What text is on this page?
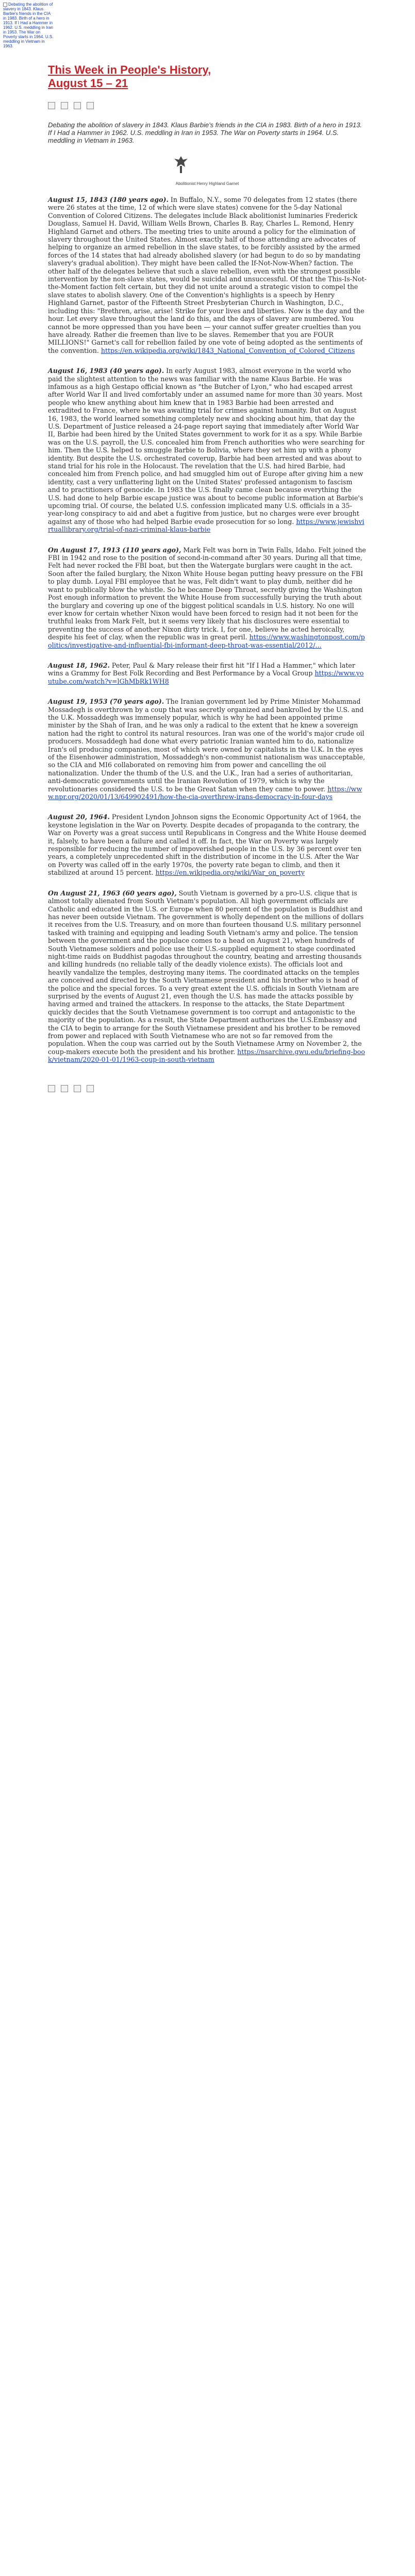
Debating the abolition of slavery in 1843. Klaus Barbie's friends in the CIA in 1983. Birth of a hero in 1913. If I Had a Hammer in 1962. U.S. meddling in Iran in 1953. The War on Poverty starts in 1964. U.S. meddling in Vietnam in 1963.
This Week in People's History,
August 15 – 21

Debating the abolition of slavery in 1843. Klaus Barbie's friends in the CIA in 1983. Birth of a hero in 1913. If I Had a Hammer in 1962. U.S. meddling in Iran in 1953. The War on Poverty starts in 1964. U.S. meddling in Vietnam in 1963.

Abolitionist Henry Highland Garnet

August 15, 1843 (180 years ago). In Buffalo, N.Y., some 70 delegates from 12 states (there were 26 states at the time, 12 of which were slave states) convene for the 5-day National Convention of Colored Citizens. The delegates include Black abolitionist luminaries Frederick Douglass, Samuel H. David, William Wells Brown, Charles B. Ray, Charles L. Remond, Henry Highland Garnet and others. The meeting tries to unite around a policy for the elimination of slavery throughout the United States. Almost exactly half of those attending are advocates of helping to organize an armed rebellion in the slave states, to be forcibly assisted by the armed forces of the 14 states that had already abolished slavery (or had begun to do so by mandating slavery's gradual abolition). They might have been called the If-Not-Now-When? faction. The other half of the delegates believe that such a slave rebellion, even with the strongest possible intervention by the non-slave states, would be suicidal and unsuccessful. Of that the This-Is-Not-the-Moment faction felt certain, but they did not unite around a strategic vision to compel the slave states to abolish slavery. One of the Convention's highlights is a speech by Henry Highland Garnet, pastor of the Fifteenth Street Presbyterian Church in Washington, D.C., including this: "Brethren, arise, arise! Strike for your lives and liberties. Now is the day and the hour. Let every slave throughout the land do this, and the days of slavery are numbered. You cannot be more oppressed than you have been — your cannot suffer greater cruelties than you have already. Rather die freemen than live to be slaves. Remember that you are FOUR MILLIONS!" Garnet's call for rebellion failed by one vote of being adopted as the sentiments of the convention. https://en.wikipedia.org/wiki/1843_National_Convention_of_Colored_Citizens

August 16, 1983 (40 years ago). In early August 1983, almost everyone in the world who paid the slightest attention to the news was familiar with the name Klaus Barbie. He was infamous as a high Gestapo official known as "the Butcher of Lyon," who had escaped arrest after World War II and lived comfortably under an assumed name for more than 30 years. Most people who knew anything about him knew that in 1983 Barbie had been arrested and extradited to France, where he was awaiting trial for crimes against humanity. But on August 16, 1983, the world learned something completely new and shocking about him, that day the U.S. Department of Justice released a 24-page report saying that immediately after World War II, Barbie had been hired by the United States government to work for it as a spy. While Barbie was on the U.S. payroll, the U.S. concealed him from French authorities who were searching for him. Then the U.S. helped to smuggle Barbie to Bolivia, where they set him up with a phony identity. But despite the U.S. orchestrated coverup, Barbie had been arrested and was about to stand trial for his role in the Holocaust. The revelation that the U.S. had hired Barbie, had concealed him from French police, and had smuggled him out of Europe after giving him a new identity, cast a very unflattering light on the United States' professed antagonism to fascism and to practitioners of genocide. In 1983 the U.S. finally came clean because everything the U.S. had done to help Barbie escape justice was about to become public information at Barbie's upcoming trial. Of course, the belated U.S. confession implicated many U.S. officials in a 35-year-long conspiracy to aid and abet a fugitive from justice, but no charges were ever brought against any of those who had helped Barbie evade prosecution for so long. https://www.jewishvirtuallibrary.org/trial-of-nazi-criminal-klaus-barbie

On August 17, 1913 (110 years ago), Mark Felt was born in Twin Falls, Idaho. Felt joined the FBI in 1942 and rose to the position of second-in-command after 30 years. During all that time, Felt had never rocked the FBI boat, but then the Watergate burglars were caught in the act. Soon after the failed burglary, the Nixon White House began putting heavy pressure on the FBI to play dumb. Loyal FBI employee that he was, Felt didn't want to play dumb, neither did he want to publically blow the whistle. So he became Deep Throat, secretly giving the Washington Post enough information to prevent the White House from successfully burying the truth about the burglary and covering up one of the biggest political scandals in U.S. history. No one will ever know for certain whether Nixon would have been forced to resign had it not been for the truthful leaks from Mark Felt, but it seems very likely that his disclosures were essential to preventing the success of another Nixon dirty trick. I, for one, believe he acted heroically, despite his feet of clay, when the republic was in great peril. https://www.washingtonpost.com/politics/investigative-and-influential-fbi-informant-deep-throat-was-essential/2012/...

August 18, 1962. Peter, Paul & Mary release their first hit "If I Had a Hammer," which later wins a Grammy for Best Folk Recording and Best Performance by a Vocal Group https://www.youtube.com/watch?v=lGhMbRk1WH8

August 19, 1953 (70 years ago). The Iranian government led by Prime Minister Mohammad Mossadegh is overthrown by a coup that was secretly organized and bankrolled by the U.S. and the U.K. Mossaddegh was immensely popular, which is why he had been appointed prime minister by the Shah of Iran, and he was only a radical to the extent that he knew a sovereign nation had the right to control its natural resources. Iran was one of the world's major crude oil producers. Mossaddegh had done what every patriotic Iranian wanted him to do, nationalize Iran's oil producing companies, most of which were owned by capitalists in the U.K. In the eyes of the Eisenhower administration, Mossaddegh's non-communist nationalism was unacceptable, so the CIA and MI6 collaborated on removing him from power and cancelling the oil nationalization. Under the thumb of the U.S. and the U.K., Iran had a series of authoritarian, anti-democratic governments until the Iranian Revolution of 1979, which is why the revolutionaries considered the U.S. to be the Great Satan when they came to power. https://www.npr.org/2020/01/13/649902491/how-the-cia-overthrew-irans-democracy-in-four-days

August 20, 1964. President Lyndon Johnson signs the Economic Opportunity Act of 1964, the keystone legislation in the War on Poverty. Despite decades of propaganda to the contrary, the War on Poverty was a great success until Republicans in Congress and the White House deemed it, falsely, to have been a failure and called it off. In fact, the War on Poverty was largely responsible for reducing the number of impoverished people in the U.S. by 36 percent over ten years, a completely unprecedented shift in the distribution of income in the U.S. After the War on Poverty was called off in the early 1970s, the poverty rate began to climb, and then it stabilized at around 15 percent. https://en.wikipedia.org/wiki/War_on_poverty

On August 21, 1963 (60 years ago), South Vietnam is governed by a pro-U.S. clique that is almost totally alienated from South Vietnam's population. All high government officials are Catholic and educated in the U.S. or Europe when 80 percent of the population is Buddhist and has never been outside Vietnam. The government is wholly dependent on the millions of dollars it receives from the U.S. Treasury, and on more than fourteen thousand U.S. military personnel tasked with training and equipping and leading South Vietnam's army and police. The tension between the government and the populace comes to a head on August 21, when hundreds of South Vietnamese soldiers and police use their U.S.-supplied equipment to stage coordinated night-time raids on Buddhist pagodas throughout the country, beating and arresting thousands and killing hundreds (no reliable tally of the deadly violence exists). The officials loot and heavily vandalize the temples, destroying many items. The coordinated attacks on the temples are conceived and directed by the South Vietnamese president and his brother who is head of the police and the special forces. To a very great extent the U.S. officials in South Vietnam are surprised by the events of August 21, even though the U.S. has made the attacks possible by having armed and trained the attackers. In response to the attacks, the State Department quickly decides that the South Vietnamese government is too corrupt and antagonistic to the majority of the population. As a result, the State Department authorizes the U.S.Embassy and the CIA to begin to arrange for the South Vietnamese president and his brother to be removed from power and replaced with South Vietnamese who are not so far removed from the population. When the coup was carried out by the South Vietnamese Army on November 2, the coup-makers execute both the president and his brother. https://nsarchive.gwu.edu/briefing-book/vietnam/2020-01-01/1963-coup-in-south-vietnam
